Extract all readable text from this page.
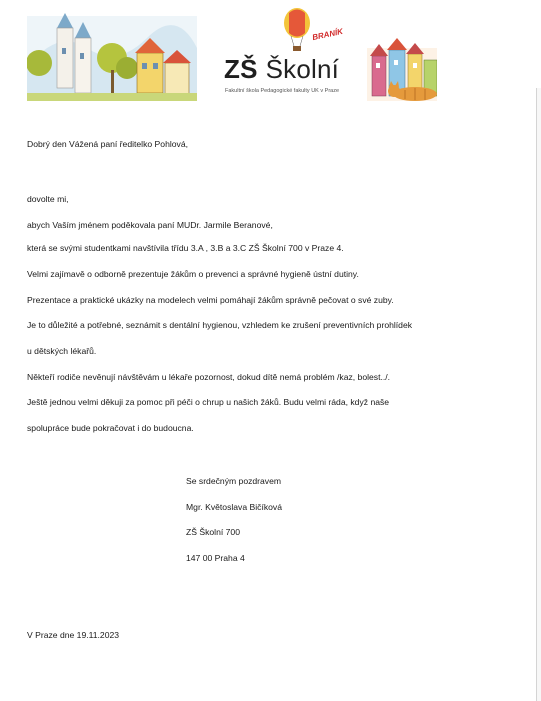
BRANÍK
ZŠ Školní
Fakultní škola Pedagogické fakulty UK v Praze
Dobrý den Vážená paní ředitelko Pohlová,
dovolte mi,
abych Vaším jménem poděkovala paní MUDr. Jarmile Beranové,
která se svými studentkami navštívila třídu 3.A , 3.B a 3.C ZŠ Školní 700 v Praze 4.
Velmi zajímavě o odborně prezentuje žákům o prevenci a správné hygieně ústní dutiny.
Prezentace a praktické ukázky na modelech velmi pomáhají žákům správně pečovat o své zuby.
Je to důležité a potřebné, seznámit s dentální hygienou, vzhledem ke zrušení preventivních prohlídek
u dětských lékařů.
Někteří rodiče nevěnují návštěvám u lékaře pozornost, dokud dítě nemá problém /kaz, bolest../.
Ještě jednou velmi děkuji za pomoc při péči o chrup u našich žáků. Budu velmi ráda, když naše
spolupráce bude pokračovat i do budoucna.
Se srdečným pozdravem
Mgr. Květoslava Bičíková
ZŠ Školní 700
147 00 Praha 4
V Praze dne 19.11.2023
